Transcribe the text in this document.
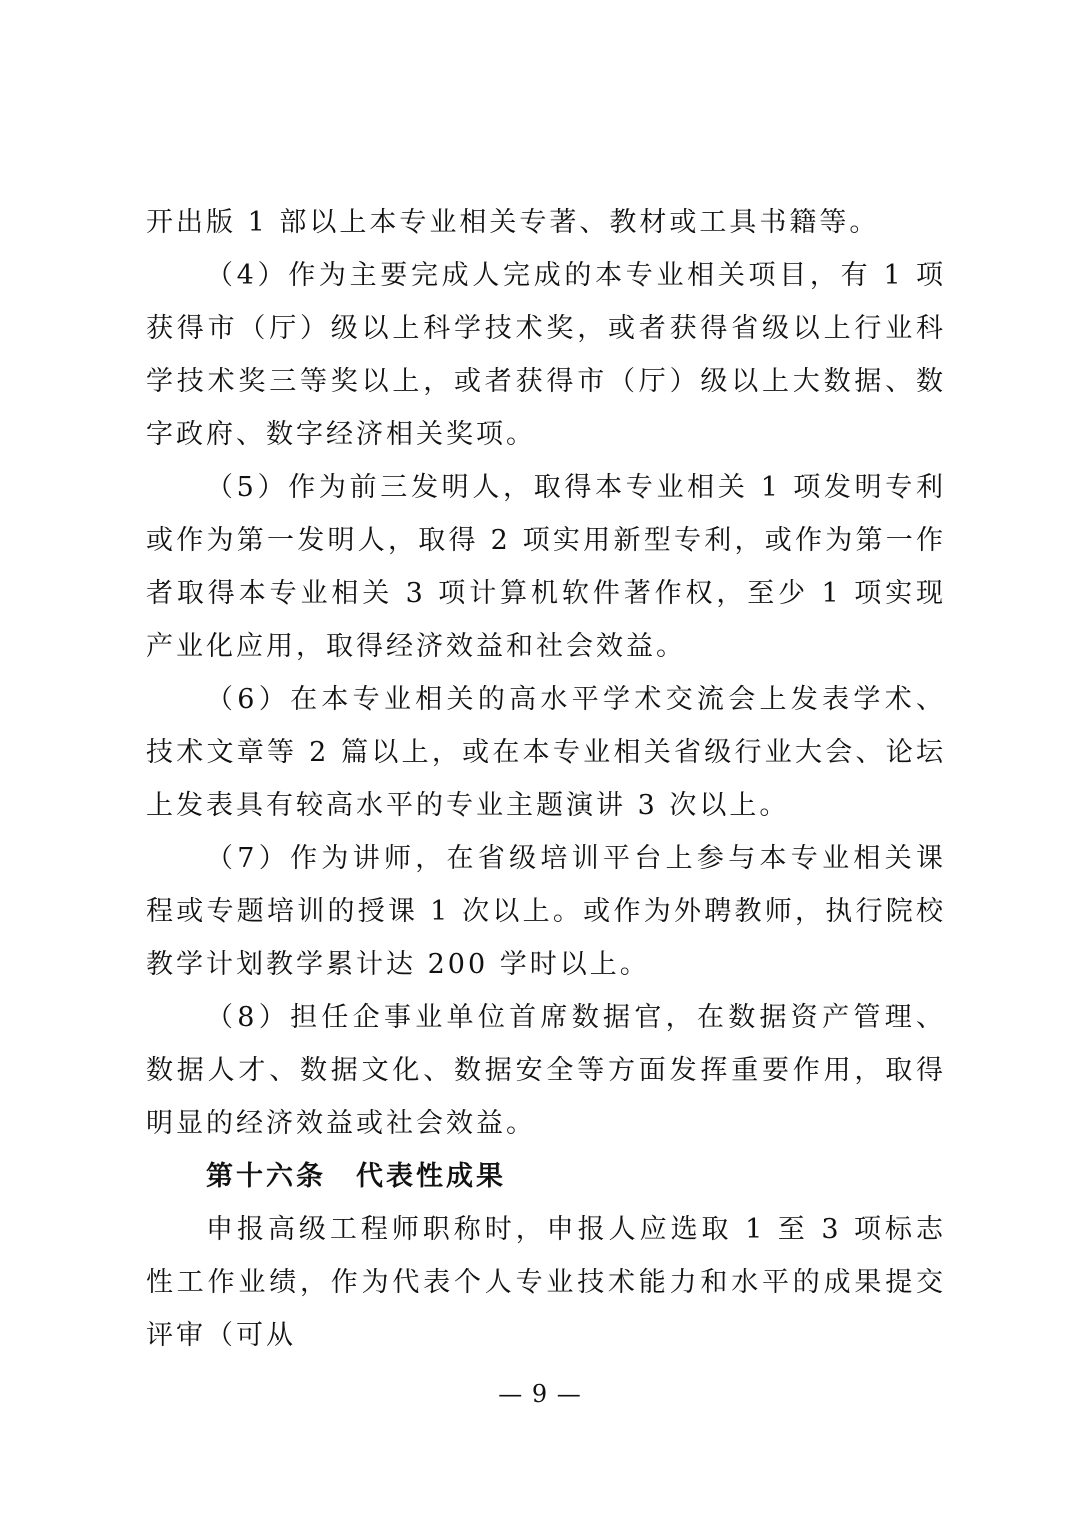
开出版 1 部以上本专业相关专著、教材或工具书籍等。

（4）作为主要完成人完成的本专业相关项目，有 1 项获得市（厅）级以上科学技术奖，或者获得省级以上行业科学技术奖三等奖以上，或者获得市（厅）级以上大数据、数字政府、数字经济相关奖项。

（5）作为前三发明人，取得本专业相关 1 项发明专利或作为第一发明人，取得 2 项实用新型专利，或作为第一作者取得本专业相关 3 项计算机软件著作权，至少 1 项实现产业化应用，取得经济效益和社会效益。

（6）在本专业相关的高水平学术交流会上发表学术、技术文章等 2 篇以上，或在本专业相关省级行业大会、论坛上发表具有较高水平的专业主题演讲 3 次以上。

（7）作为讲师，在省级培训平台上参与本专业相关课程或专题培训的授课 1 次以上。或作为外聘教师，执行院校教学计划教学累计达 200 学时以上。

（8）担任企事业单位首席数据官，在数据资产管理、数据人才、数据文化、数据安全等方面发挥重要作用，取得明显的经济效益或社会效益。

第十六条 代表性成果

申报高级工程师职称时，申报人应选取 1 至 3 项标志性工作业绩，作为代表个人专业技术能力和水平的成果提交评审（可从

— 9 —
